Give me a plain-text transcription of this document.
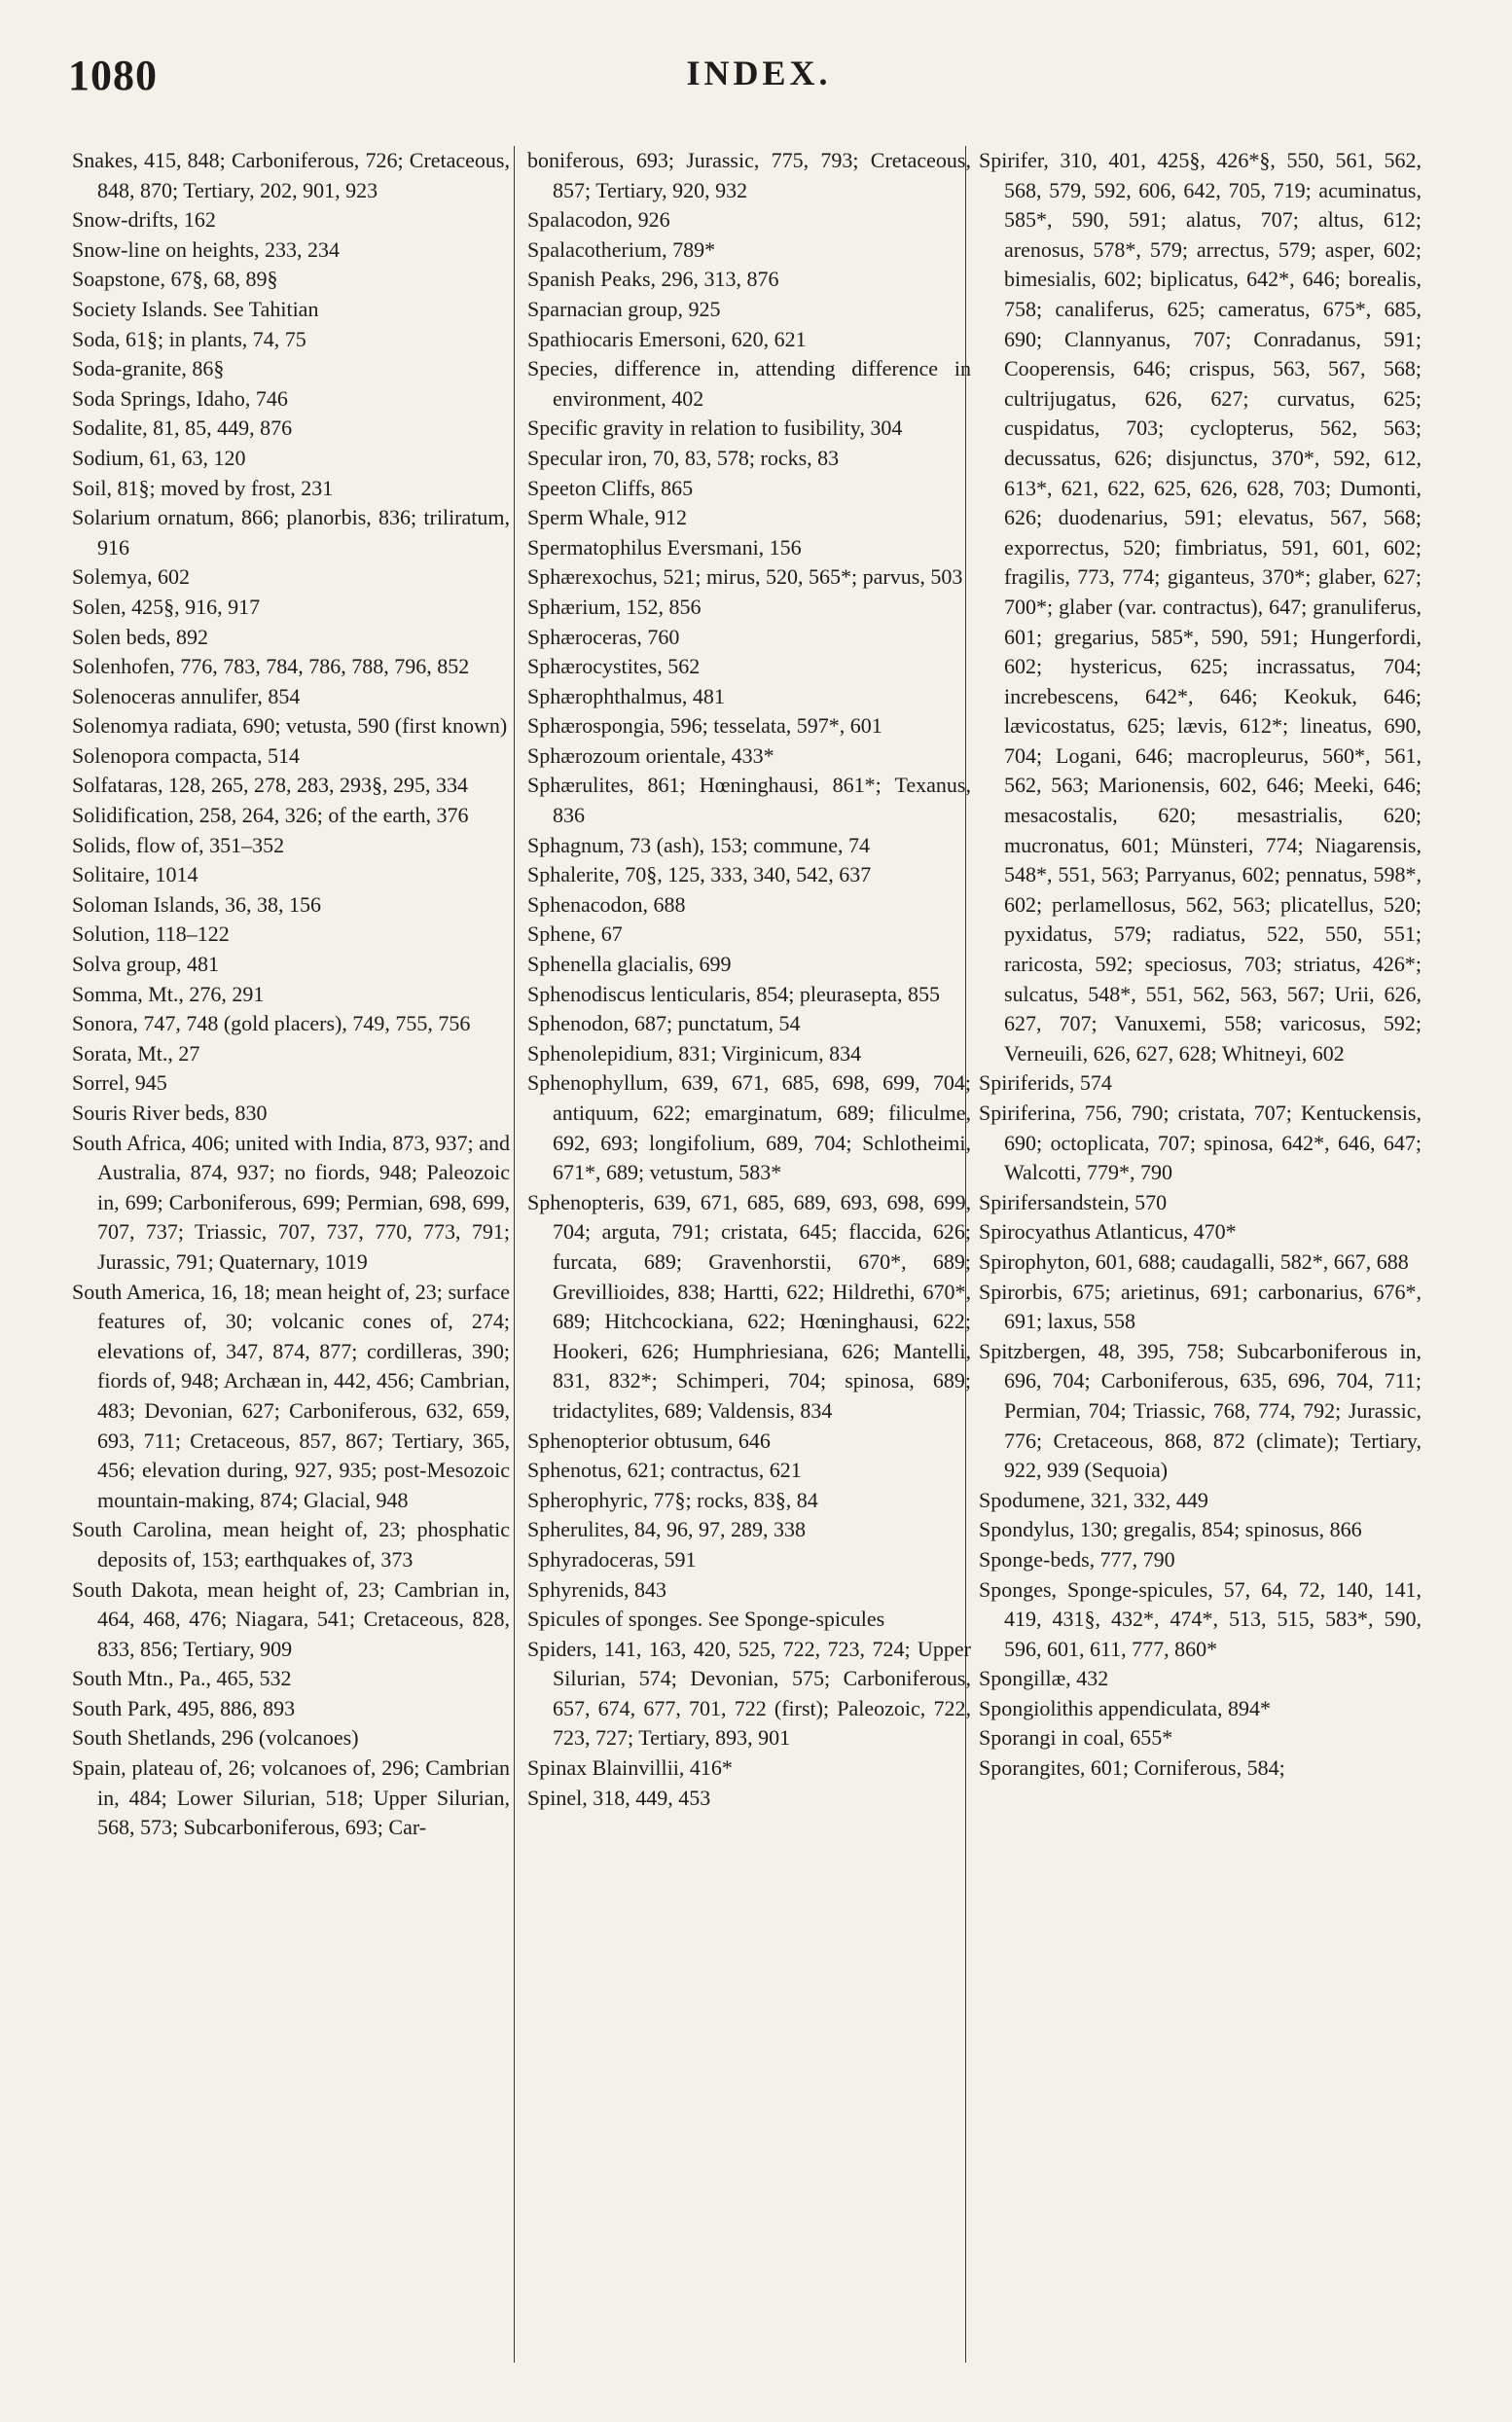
1080	INDEX.

Snakes, 415, 848; Carboniferous, 726; Cretaceous, 848, 870; Tertiary, 202, 901, 923

Snow-drifts, 162

Snow-line on heights, 233, 234

Soapstone, 67§, 68, 89§

Society Islands. See Tahitian

Soda, 61§; in plants, 74, 75

Soda-granite, 86§

Soda Springs, Idaho, 746

Sodalite, 81, 85, 449, 876

Sodium, 61, 63, 120

Soil, 81§; moved by frost, 231

Solarium ornatum, 866; planorbis, 836; triliratum, 916

Solemya, 602

Solen, 425§, 916, 917

Solen beds, 892

Solenhofen, 776, 783, 784, 786, 788, 796, 852

Solenoceras annulifer, 854

Solenomya radiata, 690; vetusta, 590 (first known)

Solenopora compacta, 514

Solfataras, 128, 265, 278, 283, 293§, 295, 334

Solidification, 258, 264, 326; of the earth, 376

Solids, flow of, 351–352

Solitaire, 1014

Soloman Islands, 36, 38, 156

Solution, 118–122

Solva group, 481

Somma, Mt., 276, 291

Sonora, 747, 748 (gold placers), 749, 755, 756

Sorata, Mt., 27

Sorrel, 945

Souris River beds, 830

South Africa, 406; united with India, 873, 937; and Australia, 874, 937; no fiords, 948; Paleozoic in, 699; Carboniferous, 699; Permian, 698, 699, 707, 737; Triassic, 707, 737, 770, 773, 791; Jurassic, 791; Quaternary, 1019

South America, 16, 18; mean height of, 23; surface features of, 30; volcanic cones of, 274; elevations of, 347, 874, 877; cordilleras, 390; fiords of, 948; Archæan in, 442, 456; Cambrian, 483; Devonian, 627; Carboniferous, 632, 659, 693, 711; Cretaceous, 857, 867; Tertiary, 365, 456; elevation during, 927, 935; post-Mesozoic mountain-making, 874; Glacial, 948

South Carolina, mean height of, 23; phosphatic deposits of, 153; earthquakes of, 373

South Dakota, mean height of, 23; Cambrian in, 464, 468, 476; Niagara, 541; Cretaceous, 828, 833, 856; Tertiary, 909

South Mtn., Pa., 465, 532

South Park, 495, 886, 893

South Shetlands, 296 (volcanoes)

Spain, plateau of, 26; volcanoes of, 296; Cambrian in, 484; Lower Silurian, 518; Upper Silurian, 568, 573; Subcarboniferous, 693; Car-

boniferous, 693; Jurassic, 775, 793; Cretaceous, 857; Tertiary, 920, 932

Spalacodon, 926

Spalacotherium, 789*

Spanish Peaks, 296, 313, 876

Sparnacian group, 925

Spathiocaris Emersoni, 620, 621

Species, difference in, attending difference in environment, 402

Specific gravity in relation to fusibility, 304

Specular iron, 70, 83, 578; rocks, 83

Speeton Cliffs, 865

Sperm Whale, 912

Spermatophilus Eversmani, 156

Sphærexochus, 521; mirus, 520, 565*; parvus, 503

Sphærium, 152, 856

Sphæroceras, 760

Sphærocystites, 562

Sphærophthalmus, 481

Sphærospongia, 596; tesselata, 597*, 601

Sphærozoum orientale, 433*

Sphærulites, 861; Hœninghausi, 861*; Texanus, 836

Sphagnum, 73 (ash), 153; commune, 74

Sphalerite, 70§, 125, 333, 340, 542, 637

Sphenacodon, 688

Sphene, 67

Sphenella glacialis, 699

Sphenodiscus lenticularis, 854; pleurasepta, 855

Sphenodon, 687; punctatum, 54

Sphenolepidium, 831; Virginicum, 834

Sphenophyllum, 639, 671, 685, 698, 699, 704; antiquum, 622; emarginatum, 689; filiculme, 692, 693; longifolium, 689, 704; Schlotheimi, 671*, 689; vetustum, 583*

Sphenopteris, 639, 671, 685, 689, 693, 698, 699, 704; arguta, 791; cristata, 645; flaccida, 626; furcata, 689; Gravenhorstii, 670*, 689; Grevillioides, 838; Hartti, 622; Hildrethi, 670*, 689; Hitchcockiana, 622; Hœninghausi, 622; Hookeri, 626; Humphriesiana, 626; Mantelli, 831, 832*; Schimperi, 704; spinosa, 689; tridactylites, 689; Valdensis, 834

Sphenopterior obtusum, 646

Sphenotus, 621; contractus, 621

Spherophyric, 77§; rocks, 83§, 84

Spherulites, 84, 96, 97, 289, 338

Sphyradoceras, 591

Sphyrenids, 843

Spicules of sponges. See Sponge-spicules

Spiders, 141, 163, 420, 525, 722, 723, 724; Upper Silurian, 574; Devonian, 575; Carboniferous, 657, 674, 677, 701, 722 (first); Paleozoic, 722, 723, 727; Tertiary, 893, 901

Spinax Blainvillii, 416*

Spinel, 318, 449, 453

Spirifer, 310, 401, 425§, 426*§, 550, 561, 562, 568, 579, 592, 606, 642, 705, 719; acuminatus, 585*, 590, 591; alatus, 707; altus, 612; arenosus, 578*, 579; arrectus, 579; asper, 602; bimesialis, 602; biplicatus, 642*, 646; borealis, 758; canaliferus, 625; cameratus, 675*, 685, 690; Clannyanus, 707; Conradanus, 591; Cooperensis, 646; crispus, 563, 567, 568; cultrijugatus, 626, 627; curvatus, 625; cuspidatus, 703; cyclopterus, 562, 563; decussatus, 626; disjunctus, 370*, 592, 612, 613*, 621, 622, 625, 626, 628, 703; Dumonti, 626; duodenarius, 591; elevatus, 567, 568; exporrectus, 520; fimbriatus, 591, 601, 602; fragilis, 773, 774; giganteus, 370*; glaber, 627; 700*; glaber (var. contractus), 647; granuliferus, 601; gregarius, 585*, 590, 591; Hungerfordi, 602; hystericus, 625; incrassatus, 704; increbescens, 642*, 646; Keokuk, 646; lævicostatus, 625; lævis, 612*; lineatus, 690, 704; Logani, 646; macropleurus, 560*, 561, 562, 563; Marionensis, 602, 646; Meeki, 646; mesacostalis, 620; mesastrialis, 620; mucronatus, 601; Münsteri, 774; Niagarensis, 548*, 551, 563; Parryanus, 602; pennatus, 598*, 602; perlamellosus, 562, 563; plicatellus, 520; pyxidatus, 579; radiatus, 522, 550, 551; raricosta, 592; speciosus, 703; striatus, 426*; sulcatus, 548*, 551, 562, 563, 567; Urii, 626, 627, 707; Vanuxemi, 558; varicosus, 592; Verneuili, 626, 627, 628; Whitneyi, 602

Spiriferids, 574

Spiriferina, 756, 790; cristata, 707; Kentuckensis, 690; octoplicata, 707; spinosa, 642*, 646, 647; Walcotti, 779*, 790

Spirifersandstein, 570

Spirocyathus Atlanticus, 470*

Spirophyton, 601, 688; caudagalli, 582*, 667, 688

Spirorbis, 675; arietinus, 691; carbonarius, 676*, 691; laxus, 558

Spitzbergen, 48, 395, 758; Subcarboniferous in, 696, 704; Carboniferous, 635, 696, 704, 711; Permian, 704; Triassic, 768, 774, 792; Jurassic, 776; Cretaceous, 868, 872 (climate); Tertiary, 922, 939 (Sequoia)

Spodumene, 321, 332, 449

Spondylus, 130; gregalis, 854; spinosus, 866

Sponge-beds, 777, 790

Sponges, Sponge-spicules, 57, 64, 72, 140, 141, 419, 431§, 432*, 474*, 513, 515, 583*, 590, 596, 601, 611, 777, 860*

Spongillæ, 432

Spongiolithis appendiculata, 894*

Sporangi in coal, 655*

Sporangites, 601; Corniferous, 584;
